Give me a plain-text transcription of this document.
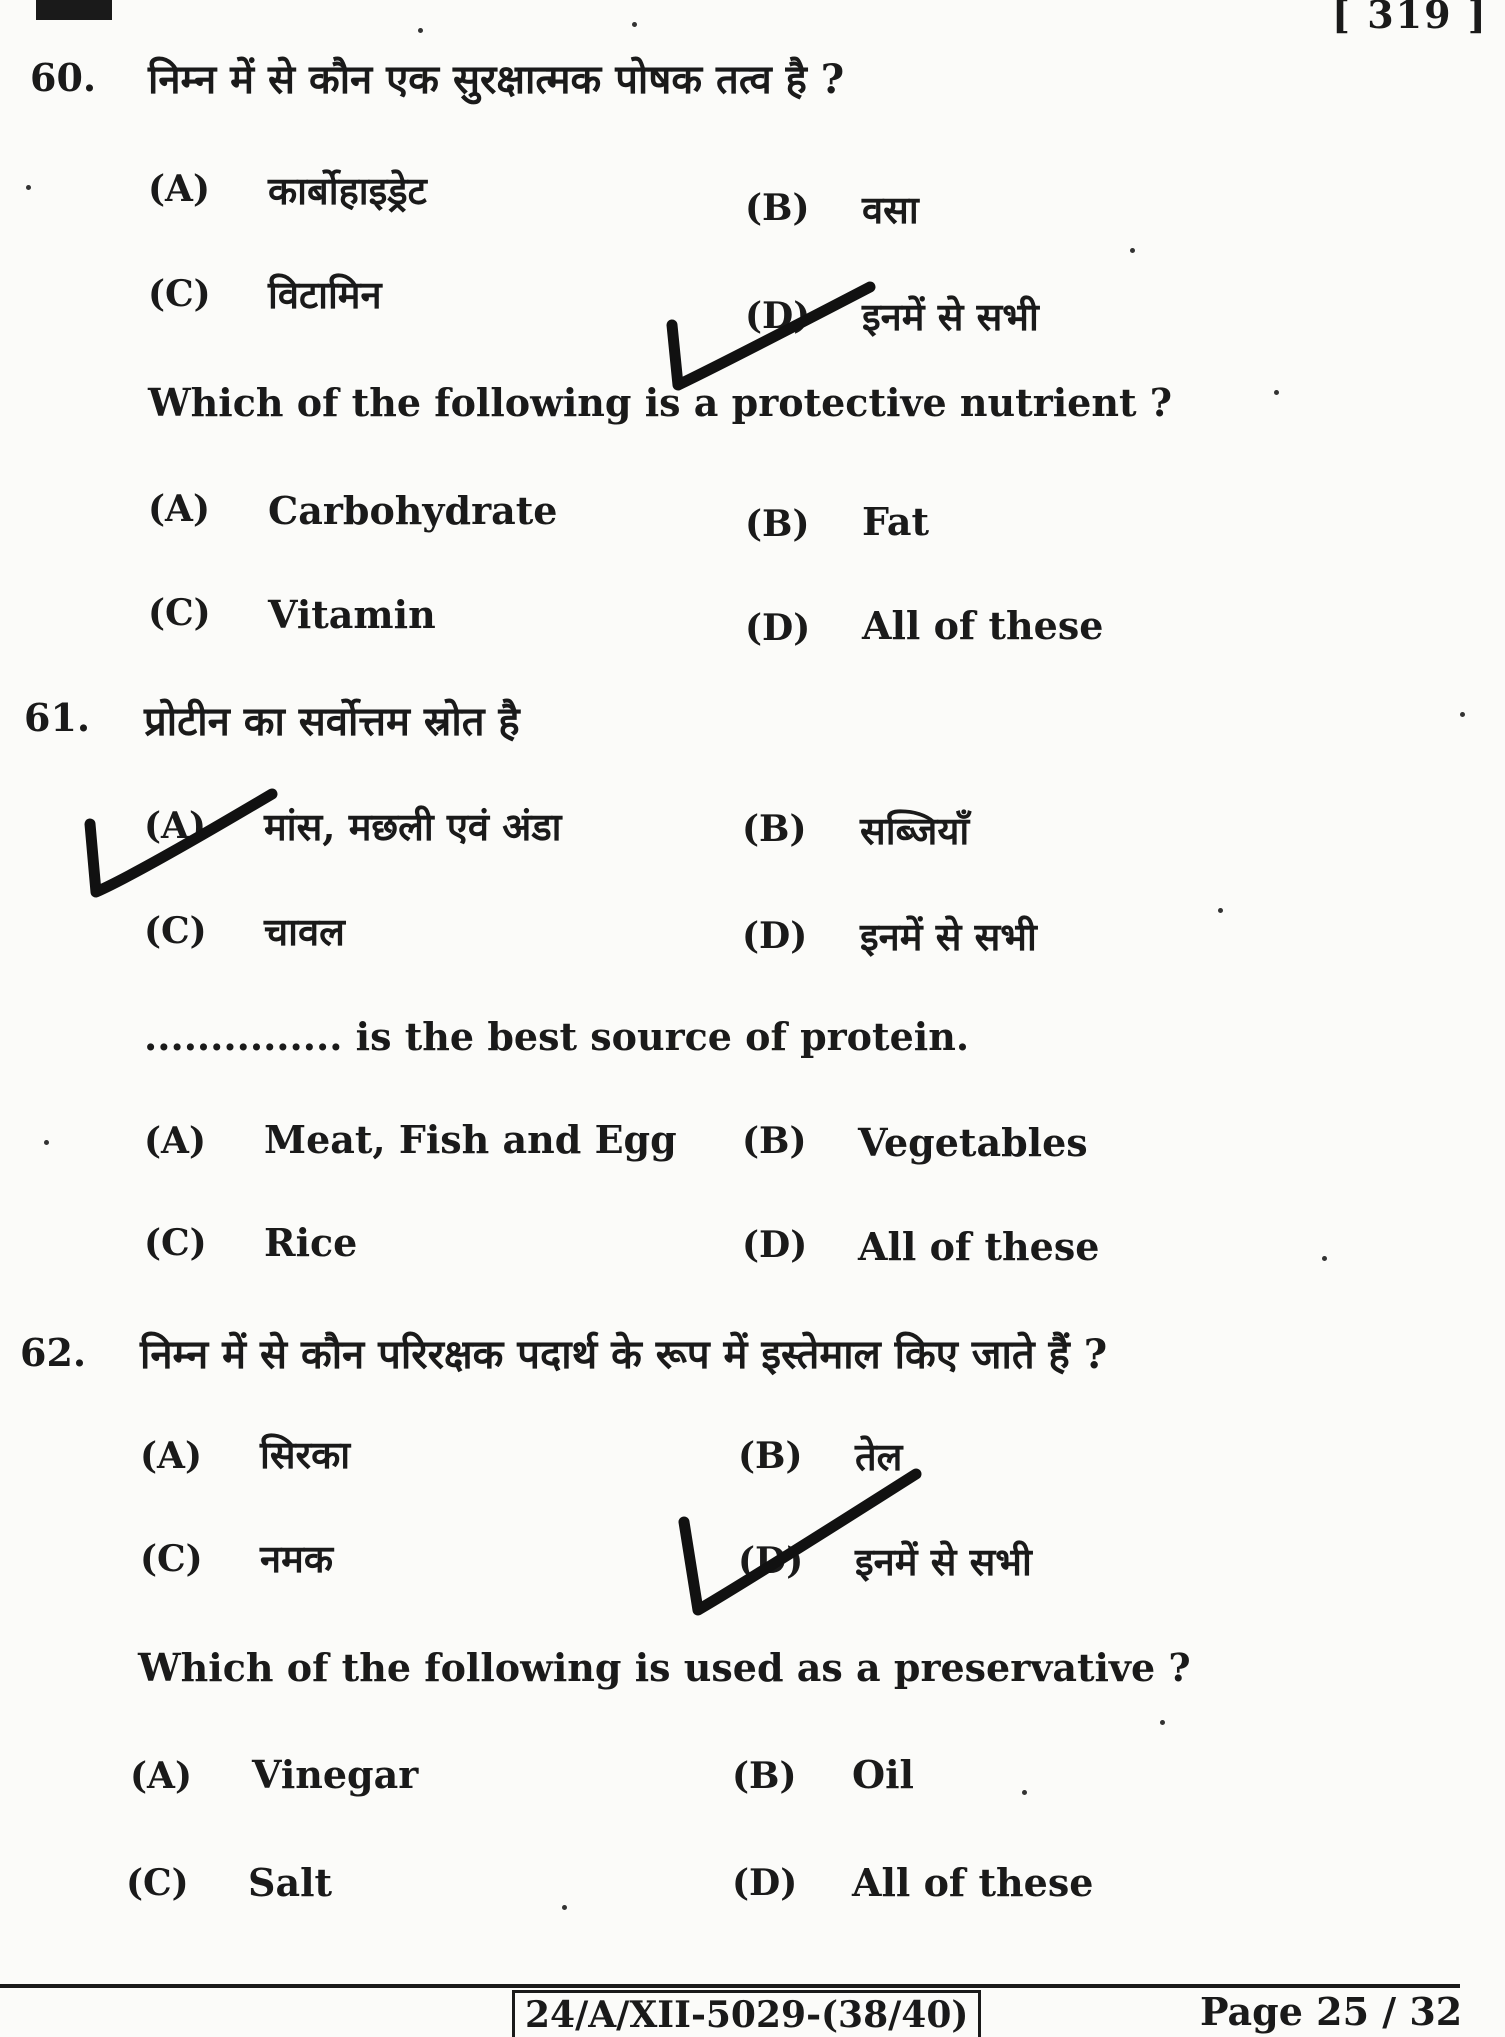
[ 319 ]
60. निम्न में से कौन एक सुरक्षात्मक पोषक तत्व है ?
(A) कार्बोहाइड्रेट	(B) वसा
(C) विटामिन	(D) इनमें से सभी
Which of the following is a protective nutrient ?
(A) Carbohydrate	(B) Fat
(C) Vitamin	(D) All of these
61. प्रोटीन का सर्वोत्तम स्रोत है
(A) मांस, मछली एवं अंडा	(B) सब्जियाँ
(C) चावल	(D) इनमें से सभी
............... is the best source of protein.
(A) Meat, Fish and Egg (B) Vegetables
(C) Rice	(D) All of these
62. निम्न में से कौन परिरक्षक पदार्थ के रूप में इस्तेमाल किए जाते हैं ?
(A) सिरका	(B) तेल
(C) नमक	(D) इनमें से सभी
Which of the following is used as a preservative ?
(A) Vinegar	(B) Oil
(C) Salt	(D) All of these
24/A/XII-5029-(38/40)	Page 25 / 32
